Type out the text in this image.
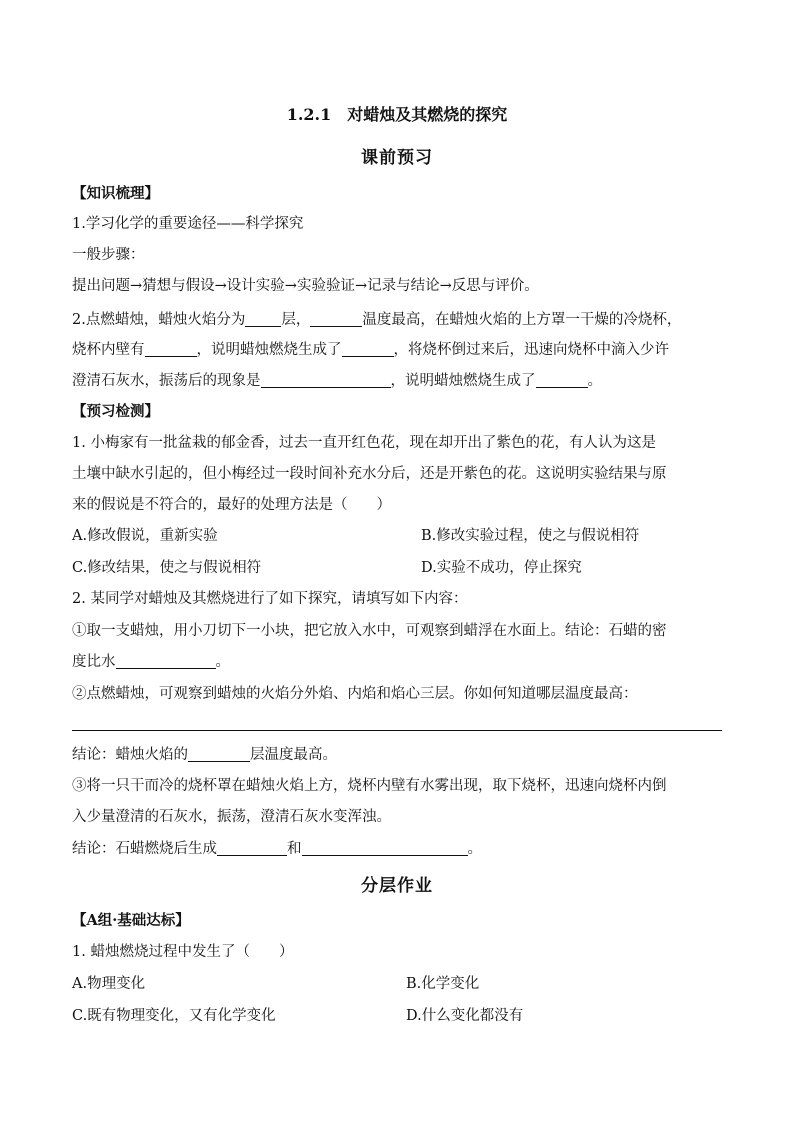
1.2.1　对蜡烛及其燃烧的探究
课前预习
【知识梳理】
1.学习化学的重要途径——科学探究
一般步骤：
提出问题→猜想与假设→设计实验→实验验证→记录与结论→反思与评价。
2.点燃蜡烛，蜡烛火焰分为 层，	温度最高，在蜡烛火焰的上方罩一干燥的冷烧杯，
烧杯内壁有	，说明蜡烛燃烧生成了	，将烧杯倒过来后，迅速向烧杯中滴入少许
澄清石灰水，振荡后的现象是	，说明蜡烛燃烧生成了	。
【预习检测】
1. 小梅家有一批盆栽的郁金香，过去一直开红色花，现在却开出了紫色的花，有人认为这是
土壤中缺水引起的，但小梅经过一段时间补充水分后，还是开紫色的花。这说明实验结果与原
来的假说是不符合的，最好的处理方法是（　　）
A.修改假说，重新实验	B.修改实验过程，使之与假说相符
C.修改结果，使之与假说相符	D.实验不成功，停止探究
2. 某同学对蜡烛及其燃烧进行了如下探究，请填写如下内容：
①取一支蜡烛，用小刀切下一小块，把它放入水中，可观察到蜡浮在水面上。结论：石蜡的密
度比水	。
②点燃蜡烛，可观察到蜡烛的火焰分外焰、内焰和焰心三层。你如何知道哪层温度最高：
结论：蜡烛火焰的	层温度最高。
③将一只干而冷的烧杯罩在蜡烛火焰上方，烧杯内壁有水雾出现，取下烧杯，迅速向烧杯内倒
入少量澄清的石灰水，振荡，澄清石灰水变浑浊。
结论：石蜡燃烧后生成	和	。
分层作业
【A组·基础达标】
1. 蜡烛燃烧过程中发生了（　　）
A.物理变化	B.化学变化
C.既有物理变化，又有化学变化	D.什么变化都没有
